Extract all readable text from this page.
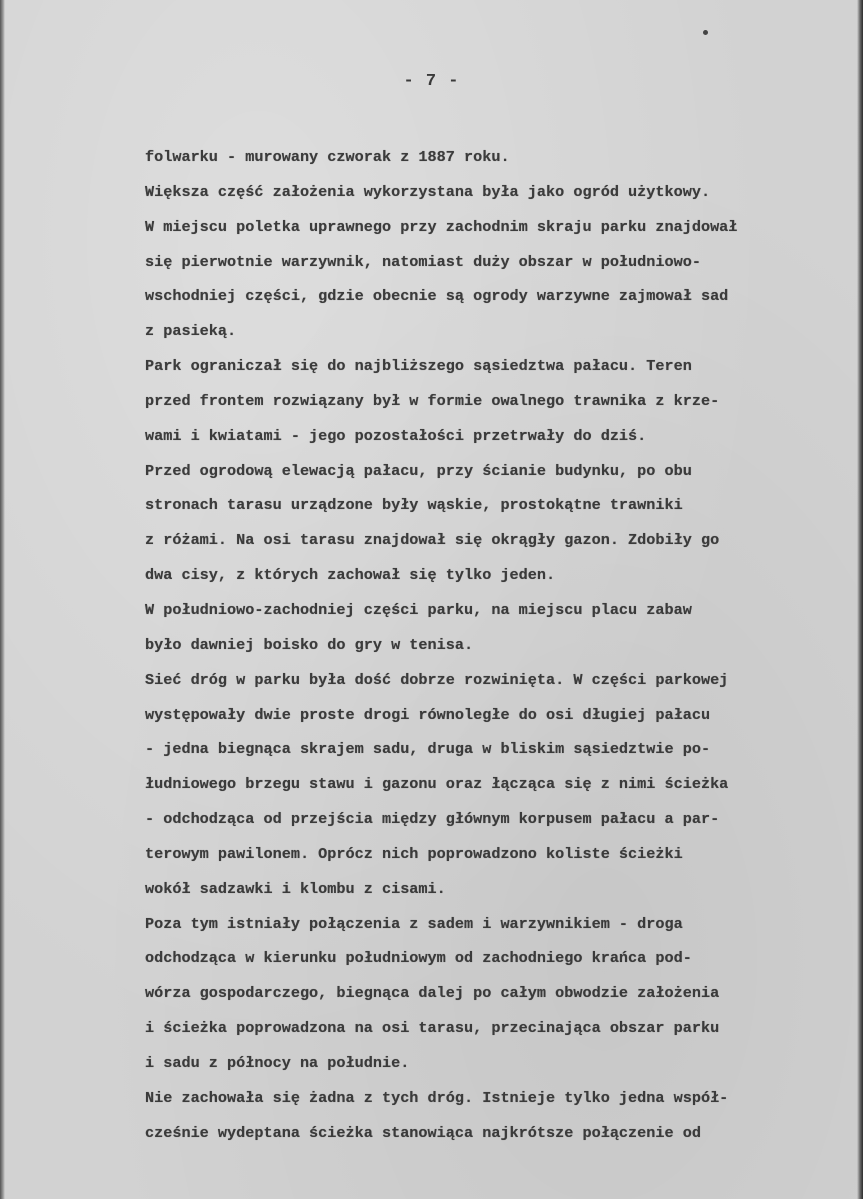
- 7 -
folwarku - murowany czworak z 1887 roku.
Większa część założenia wykorzystana była jako ogród użytkowy.
W miejscu poletka uprawnego przy zachodnim skraju parku znajdował
się pierwotnie warzywnik, natomiast duży obszar w południowo-
wschodniej części, gdzie obecnie są ogrody warzywne zajmował sad
z pasieką.
Park ograniczał się do najbliższego sąsiedztwa pałacu. Teren
przed frontem rozwiązany był w formie owalnego trawnika z krze-
wami i kwiatami - jego pozostałości przetrwały do dziś.
Przed ogrodową elewacją pałacu, przy ścianie budynku, po obu
stronach tarasu urządzone były wąskie, prostokątne trawniki
z różami. Na osi tarasu znajdował się okrągły gazon. Zdobiły go
dwa cisy, z których zachował się tylko jeden.
W południowo-zachodniej części parku, na miejscu placu zabaw
było dawniej boisko do gry w tenisa.
Sieć dróg w parku była dość dobrze rozwinięta. W części parkowej
występowały dwie proste drogi równoległe do osi długiej pałacu
- jedna biegnąca skrajem sadu, druga w bliskim sąsiedztwie po-
łudniowego brzegu stawu i gazonu oraz łącząca się z nimi ścieżka
- odchodząca od przejścia między głównym korpusem pałacu a par-
terowym pawilonem. Oprócz nich poprowadzono koliste ścieżki
wokół sadzawki i klombu z cisami.
Poza tym istniały połączenia z sadem i warzywnikiem - droga
odchodząca w kierunku południowym od zachodniego krańca pod-
wórza gospodarczego, biegnąca dalej po całym obwodzie założenia
i ścieżka poprowadzona na osi tarasu, przecinająca obszar parku
i sadu z północy na południe.
Nie zachowała się żadna z tych dróg. Istnieje tylko jedna współ-
cześnie wydeptana ścieżka stanowiąca najkrótsze połączenie od
